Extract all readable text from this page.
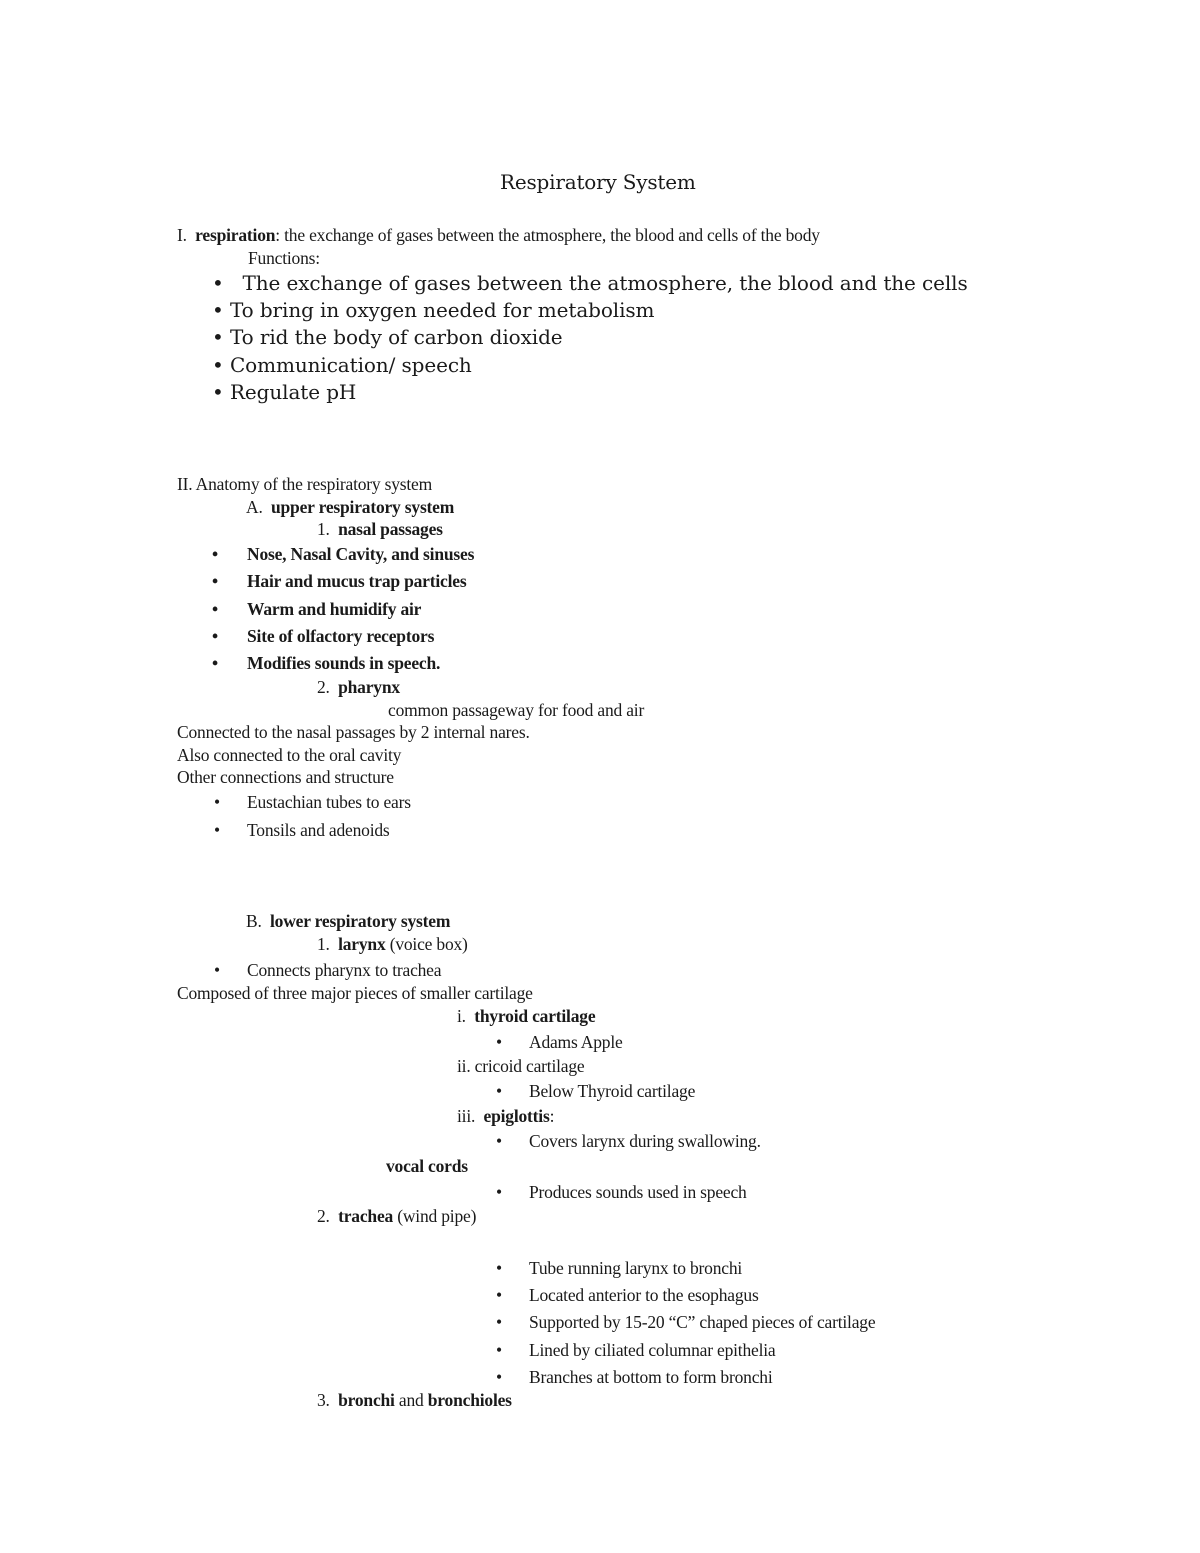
Respiratory System
I. respiration: the exchange of gases between the atmosphere, the blood and cells of the body
Functions:
• The exchange of gases between the atmosphere, the blood and the cells
• To bring in oxygen needed for metabolism
• To rid the body of carbon dioxide
• Communication/ speech
• Regulate pH
II. Anatomy of the respiratory system
A. upper respiratory system
1. nasal passages
• Nose, Nasal Cavity, and sinuses
• Hair and mucus trap particles
• Warm and humidify air
• Site of olfactory receptors
• Modifies sounds in speech.
2. pharynx
common passageway for food and air
Connected to the nasal passages by 2 internal nares.
Also connected to the oral cavity
Other connections and structure
• Eustachian tubes to ears
• Tonsils and adenoids
B. lower respiratory system
1. larynx (voice box)
• Connects pharynx to trachea
Composed of three major pieces of smaller cartilage
i. thyroid cartilage
• Adams Apple
ii. cricoid cartilage
• Below Thyroid cartilage
iii. epiglottis:
• Covers larynx during swallowing.
vocal cords
• Produces sounds used in speech
2. trachea (wind pipe)
• Tube running larynx to bronchi
• Located anterior to the esophagus
• Supported by 15-20 “C” chaped pieces of cartilage
• Lined by ciliated columnar epithelia
• Branches at bottom to form bronchi
3. bronchi and bronchioles
